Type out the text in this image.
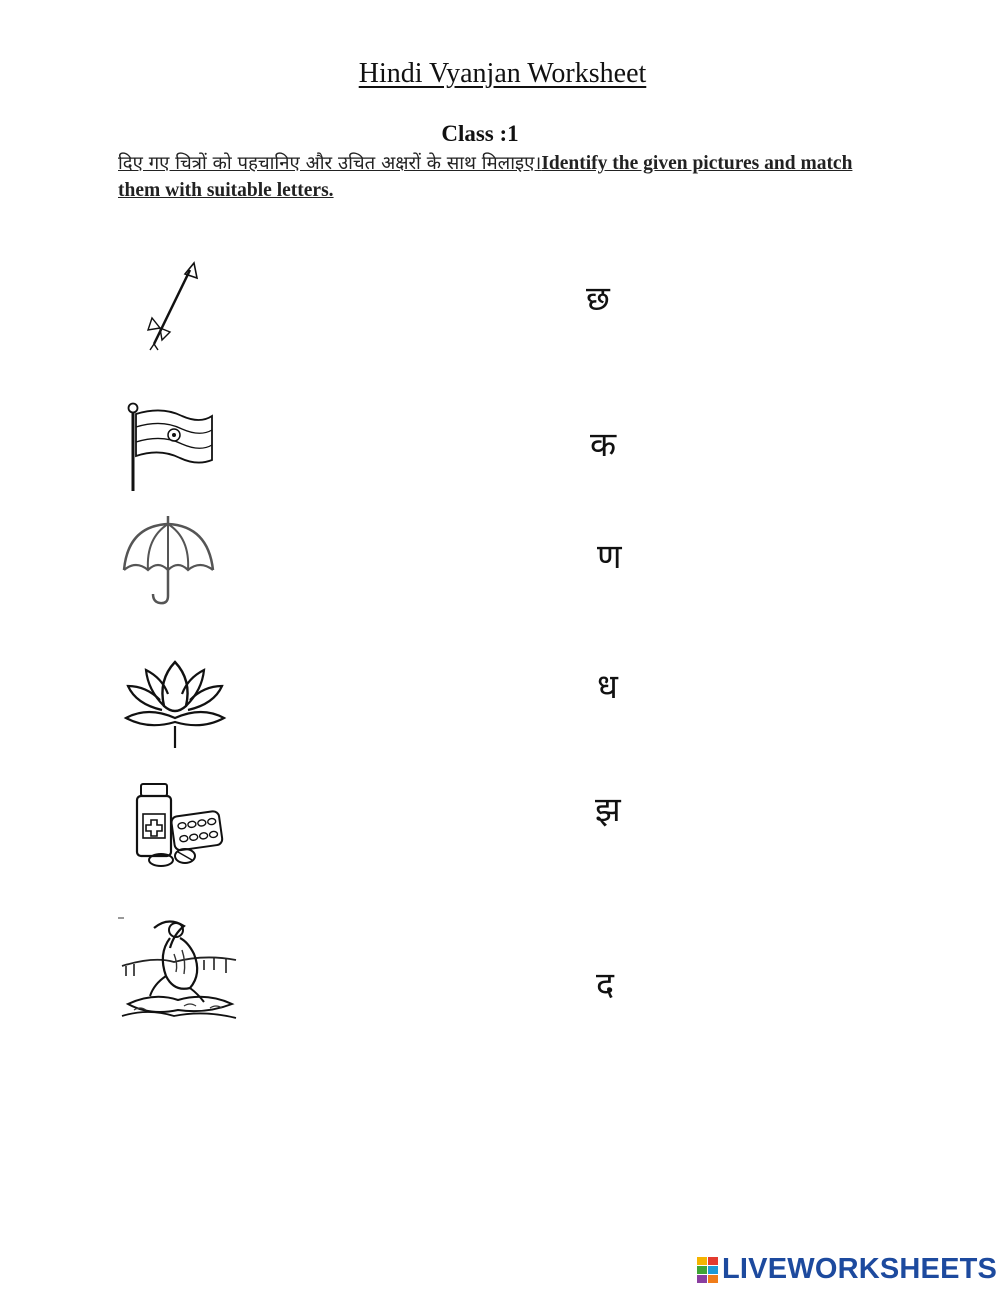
Hindi Vyanjan Worksheet
Class :1
दिए गए चित्रों को पहचानिए और उचित अक्षरों के साथ मिलाइए।Identify the given pictures and match them with suitable letters.
छ
क
ण
ध
झ
द
LIVEWORKSHEETS
